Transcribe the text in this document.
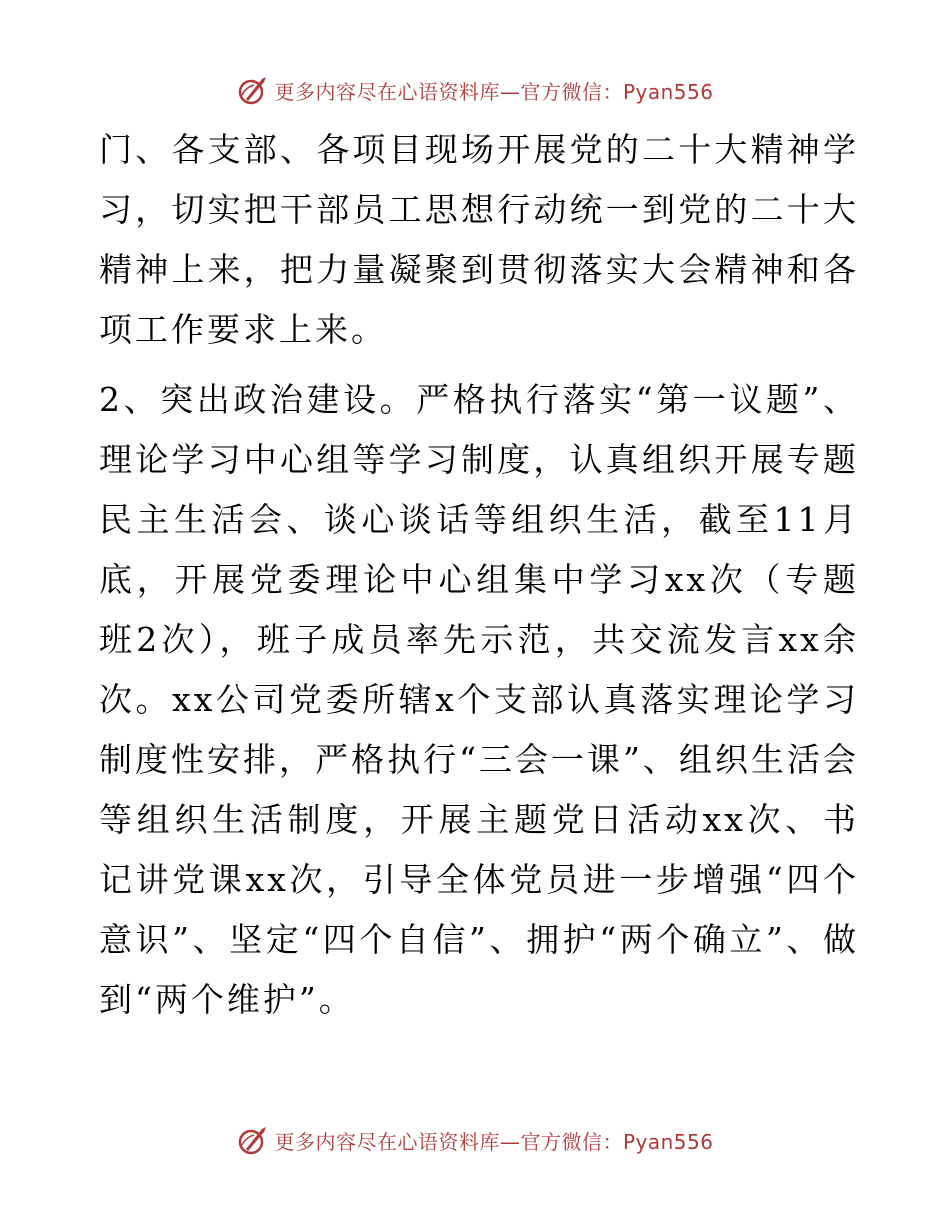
更多内容尽在心语资料库—官方微信：Pyan556

门、各支部、各项目现场开展党的二十大精神学习，切实把干部员工思想行动统一到党的二十大精神上来，把力量凝聚到贯彻落实大会精神和各项工作要求上来。

2、突出政治建设。严格执行落实“第一议题”、理论学习中心组等学习制度，认真组织开展专题民主生活会、谈心谈话等组织生活，截至11月底，开展党委理论中心组集中学习xx次（专题班2次），班子成员率先示范，共交流发言xx余次。xx公司党委所辖x个支部认真落实理论学习制度性安排，严格执行“三会一课”、组织生活会等组织生活制度，开展主题党日活动xx次、书记讲党课xx次，引导全体党员进一步增强“四个意识”、坚定“四个自信”、拥护“两个确立”、做到“两个维护”。

更多内容尽在心语资料库—官方微信：Pyan556
